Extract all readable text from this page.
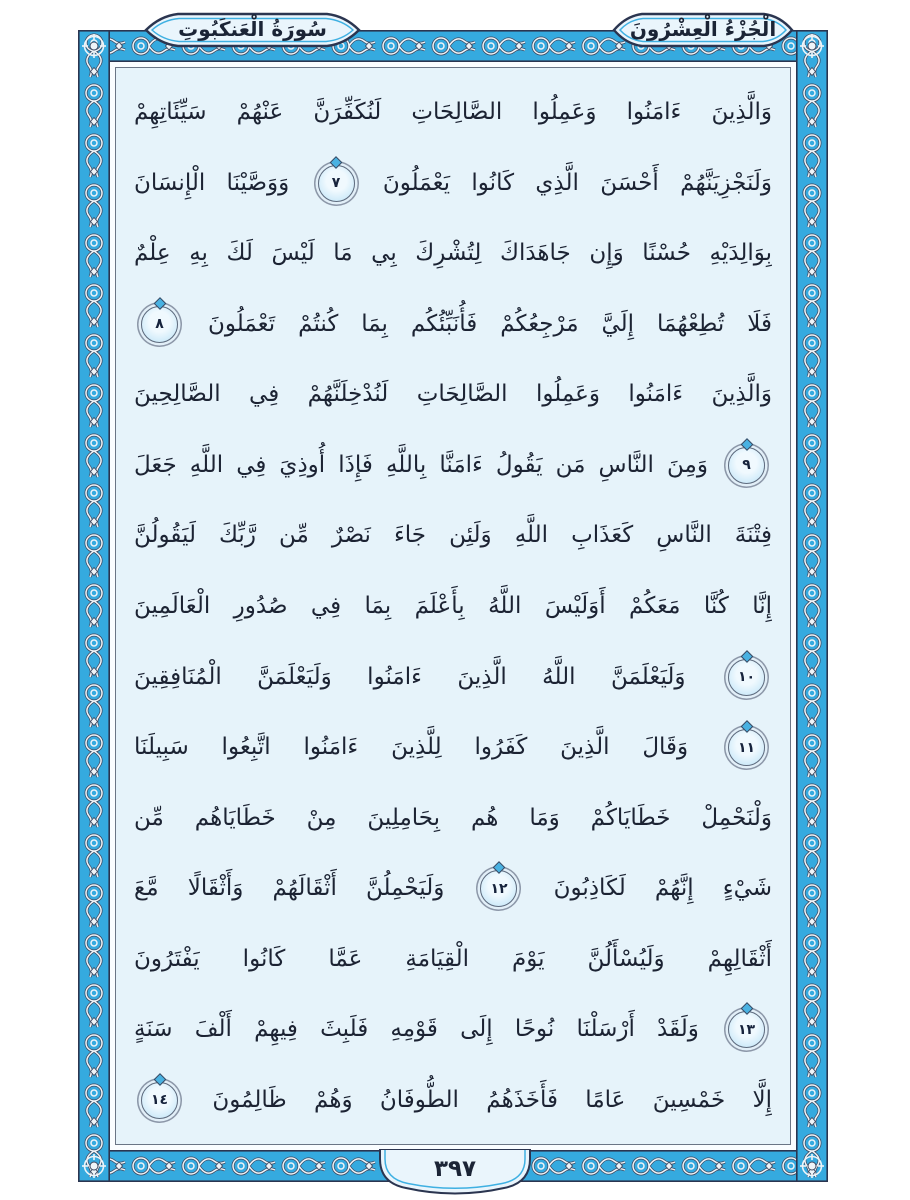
وَالَّذِينَ ءَامَنُوا وَعَمِلُوا الصَّالِحَاتِ لَنُكَفِّرَنَّ عَنْهُمْ سَيِّئَاتِهِمْ
وَلَنَجْزِيَنَّهُمْ أَحْسَنَ الَّذِي كَانُوا يَعْمَلُونَ
٧
وَوَصَّيْنَا الْإِنسَانَ
بِوَالِدَيْهِ حُسْنًا وَإِن جَاهَدَاكَ لِتُشْرِكَ بِي مَا لَيْسَ لَكَ بِهِ عِلْمٌ
فَلَا تُطِعْهُمَا إِلَيَّ مَرْجِعُكُمْ فَأُنَبِّئُكُم بِمَا كُنتُمْ تَعْمَلُونَ
٨
وَالَّذِينَ ءَامَنُوا وَعَمِلُوا الصَّالِحَاتِ لَنُدْخِلَنَّهُمْ فِي الصَّالِحِينَ
٩
وَمِنَ النَّاسِ مَن يَقُولُ ءَامَنَّا بِاللَّهِ فَإِذَا أُوذِيَ فِي اللَّهِ جَعَلَ
فِتْنَةَ النَّاسِ كَعَذَابِ اللَّهِ وَلَئِن جَاءَ نَصْرٌ مِّن رَّبِّكَ لَيَقُولُنَّ
إِنَّا كُنَّا مَعَكُمْ أَوَلَيْسَ اللَّهُ بِأَعْلَمَ بِمَا فِي صُدُورِ الْعَالَمِينَ
١٠
وَلَيَعْلَمَنَّ اللَّهُ الَّذِينَ ءَامَنُوا وَلَيَعْلَمَنَّ الْمُنَافِقِينَ
١١
وَقَالَ الَّذِينَ كَفَرُوا لِلَّذِينَ ءَامَنُوا اتَّبِعُوا سَبِيلَنَا
وَلْنَحْمِلْ خَطَايَاكُمْ وَمَا هُم بِحَامِلِينَ مِنْ خَطَايَاهُم مِّن
شَيْءٍ إِنَّهُمْ لَكَاذِبُونَ
١٢
وَلَيَحْمِلُنَّ أَثْقَالَهُمْ وَأَثْقَالًا مَّعَ
أَثْقَالِهِمْ وَلَيُسْأَلُنَّ يَوْمَ الْقِيَامَةِ عَمَّا كَانُوا يَفْتَرُونَ
١٣
وَلَقَدْ أَرْسَلْنَا نُوحًا إِلَى قَوْمِهِ فَلَبِثَ فِيهِمْ أَلْفَ سَنَةٍ
إِلَّا خَمْسِينَ عَامًا فَأَخَذَهُمُ الطُّوفَانُ وَهُمْ ظَالِمُونَ
١٤
سُورَةُ الْعَنكَبُوتِ	الْجُزْءُ الْعِشْرُونَ
٣٩٧
